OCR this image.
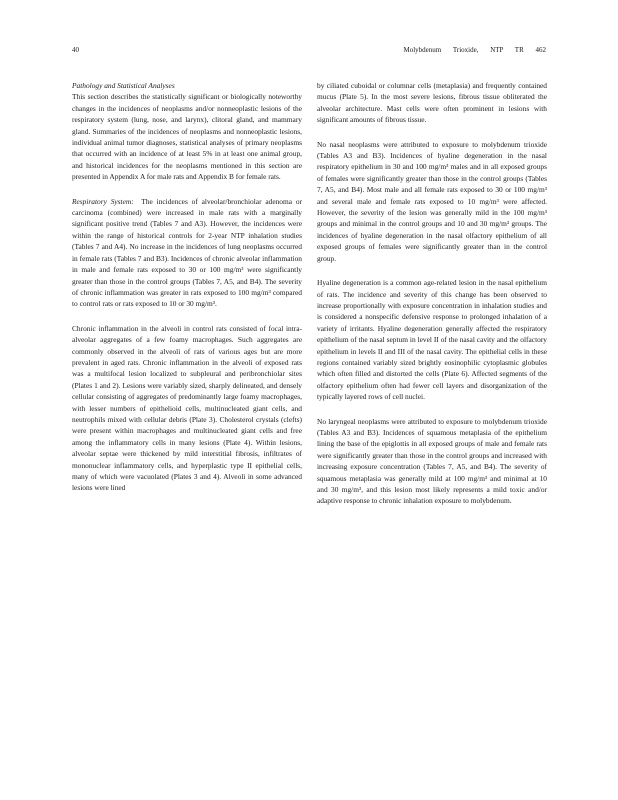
40	Molybdenum Trioxide, NTP TR 462

Pathology and Statistical Analyses
This section describes the statistically significant or biologically noteworthy changes in the incidences of neoplasms and/or nonneoplastic lesions of the respiratory system (lung, nose, and larynx), clitoral gland, and mammary gland. Summaries of the incidences of neoplasms and nonneoplastic lesions, individual animal tumor diagnoses, statistical analyses of primary neoplasms that occurred with an incidence of at least 5% in at least one animal group, and historical incidences for the neoplasms mentioned in this section are presented in Appendix A for male rats and Appendix B for female rats.

Respiratory System: The incidences of alveolar/bronchiolar adenoma or carcinoma (combined) were increased in male rats with a marginally significant positive trend (Tables 7 and A3). However, the incidences were within the range of historical controls for 2-year NTP inhalation studies (Tables 7 and A4). No increase in the incidences of lung neoplasms occurred in female rats (Tables 7 and B3). Incidences of chronic alveolar inflammation in male and female rats exposed to 30 or 100 mg/m³ were significantly greater than those in the control groups (Tables 7, A5, and B4). The severity of chronic inflammation was greater in rats exposed to 100 mg/m³ compared to control rats or rats exposed to 10 or 30 mg/m³.

Chronic inflammation in the alveoli in control rats consisted of focal intra-alveolar aggregates of a few foamy macrophages. Such aggregates are commonly observed in the alveoli of rats of various ages but are more prevalent in aged rats. Chronic inflammation in the alveoli of exposed rats was a multifocal lesion localized to subpleural and peribronchiolar sites (Plates 1 and 2). Lesions were variably sized, sharply delineated, and densely cellular consisting of aggregates of predominantly large foamy macrophages, with lesser numbers of epithelioid cells, multinucleated giant cells, and neutrophils mixed with cellular debris (Plate 3). Cholesterol crystals (clefts) were present within macrophages and multinucleated giant cells and free among the inflammatory cells in many lesions (Plate 4). Within lesions, alveolar septae were thickened by mild interstitial fibrosis, infiltrates of mononuclear inflammatory cells, and hyperplastic type II epithelial cells, many of which were vacuolated (Plates 3 and 4). Alveoli in some advanced lesions were lined

by ciliated cuboidal or columnar cells (metaplasia) and frequently contained mucus (Plate 5). In the most severe lesions, fibrous tissue obliterated the alveolar architecture. Mast cells were often prominent in lesions with significant amounts of fibrous tissue.

No nasal neoplasms were attributed to exposure to molybdenum trioxide (Tables A3 and B3). Incidences of hyaline degeneration in the nasal respiratory epithelium in 30 and 100 mg/m³ males and in all exposed groups of females were significantly greater than those in the control groups (Tables 7, A5, and B4). Most male and all female rats exposed to 30 or 100 mg/m³ and several male and female rats exposed to 10 mg/m³ were affected. However, the severity of the lesion was generally mild in the 100 mg/m³ groups and minimal in the control groups and 10 and 30 mg/m³ groups. The incidences of hyaline degeneration in the nasal olfactory epithelium of all exposed groups of females were significantly greater than in the control group.

Hyaline degeneration is a common age-related lesion in the nasal epithelium of rats. The incidence and severity of this change has been observed to increase proportionally with exposure concentration in inhalation studies and is considered a nonspecific defensive response to prolonged inhalation of a variety of irritants. Hyaline degeneration generally affected the respiratory epithelium of the nasal septum in level II of the nasal cavity and the olfactory epithelium in levels II and III of the nasal cavity. The epithelial cells in these regions contained variably sized brightly eosinophilic cytoplasmic globules which often filled and distorted the cells (Plate 6). Affected segments of the olfactory epithelium often had fewer cell layers and disorganization of the typically layered rows of cell nuclei.

No laryngeal neoplasms were attributed to exposure to molybdenum trioxide (Tables A3 and B3). Incidences of squamous metaplasia of the epithelium lining the base of the epiglottis in all exposed groups of male and female rats were significantly greater than those in the control groups and increased with increasing exposure concentration (Tables 7, A5, and B4). The severity of squamous metaplasia was generally mild at 100 mg/m³ and minimal at 10 and 30 mg/m³, and this lesion most likely represents a mild toxic and/or adaptive response to chronic inhalation exposure to molybdenum.
